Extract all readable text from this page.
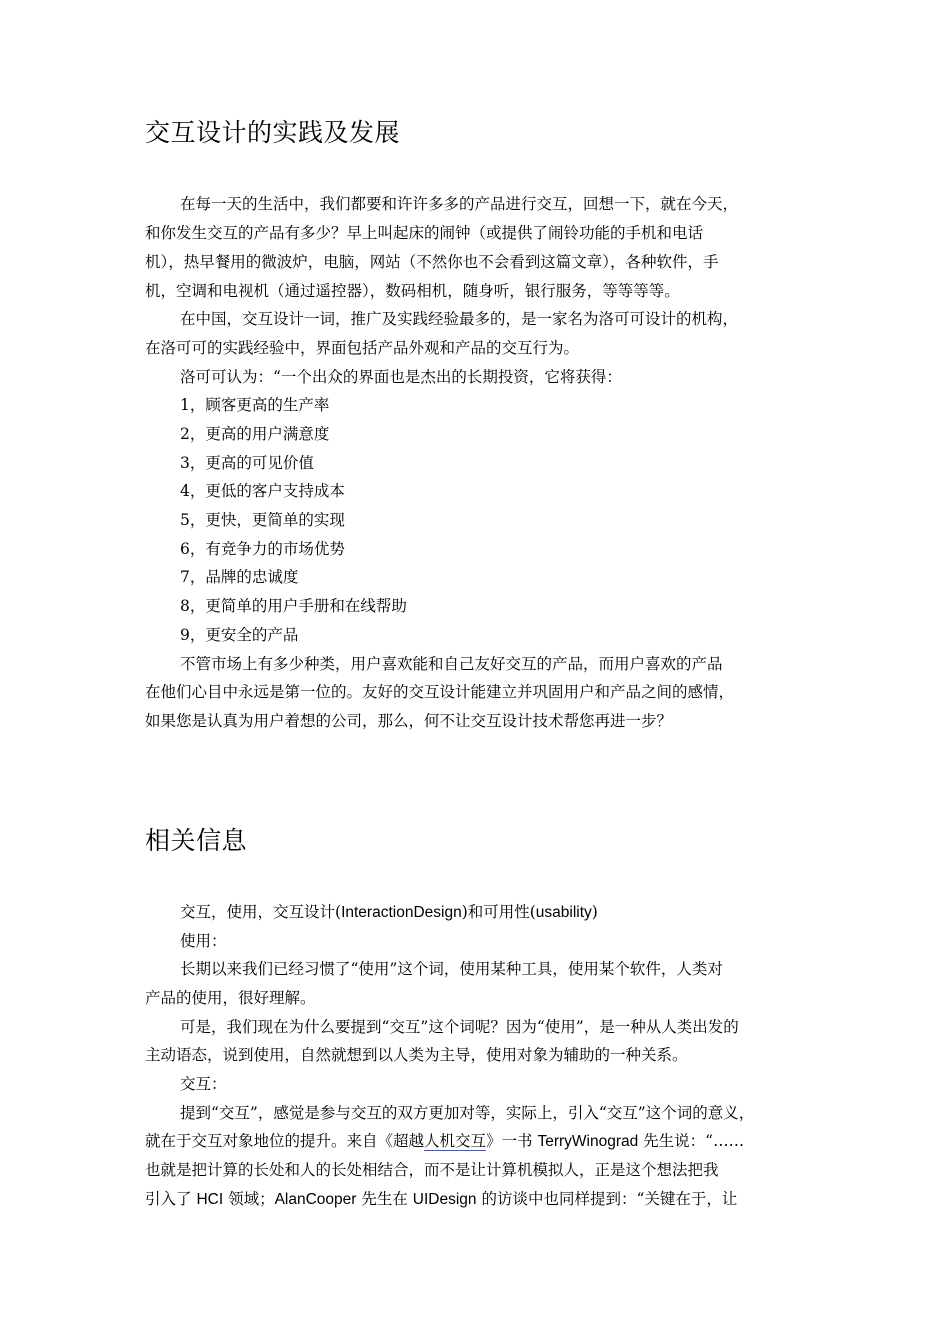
交互设计的实践及发展
在每一天的生活中，我们都要和许许多多的产品进行交互，回想一下，就在今天，
和你发生交互的产品有多少？早上叫起床的闹钟（或提供了闹铃功能的手机和电话
机），热早餐用的微波炉，电脑，网站（不然你也不会看到这篇文章），各种软件，手
机，空调和电视机（通过遥控器），数码相机，随身听，银行服务，等等等等。
在中国，交互设计一词，推广及实践经验最多的，是一家名为洛可可设计的机构，
在洛可可的实践经验中，界面包括产品外观和产品的交互行为。
洛可可认为：“一个出众的界面也是杰出的长期投资，它将获得：
1，顾客更高的生产率
2，更高的用户满意度
3，更高的可见价值
4，更低的客户支持成本
5，更快，更简单的实现
6，有竞争力的市场优势
7，品牌的忠诚度
8，更简单的用户手册和在线帮助
9，更安全的产品
不管市场上有多少种类，用户喜欢能和自己友好交互的产品，而用户喜欢的产品
在他们心目中永远是第一位的。友好的交互设计能建立并巩固用户和产品之间的感情，
如果您是认真为用户着想的公司，那么，何不让交互设计技术帮您再进一步？
相关信息
交互，使用，交互设计(InteractionDesign)和可用性(usability)
使用：
长期以来我们已经习惯了“使用”这个词，使用某种工具，使用某个软件，人类对
产品的使用，很好理解。
可是，我们现在为什么要提到“交互”这个词呢？因为“使用”，是一种从人类出发的
主动语态，说到使用，自然就想到以人类为主导，使用对象为辅助的一种关系。
交互：
提到“交互”，感觉是参与交互的双方更加对等，实际上，引入“交互”这个词的意义，
就在于交互对象地位的提升。来自《超越人机交互》一书 TerryWinograd 先生说：“……
也就是把计算的长处和人的长处相结合，而不是让计算机模拟人，正是这个想法把我
引入了 HCI 领域；AlanCooper 先生在 UIDesign 的访谈中也同样提到：“关键在于，让
